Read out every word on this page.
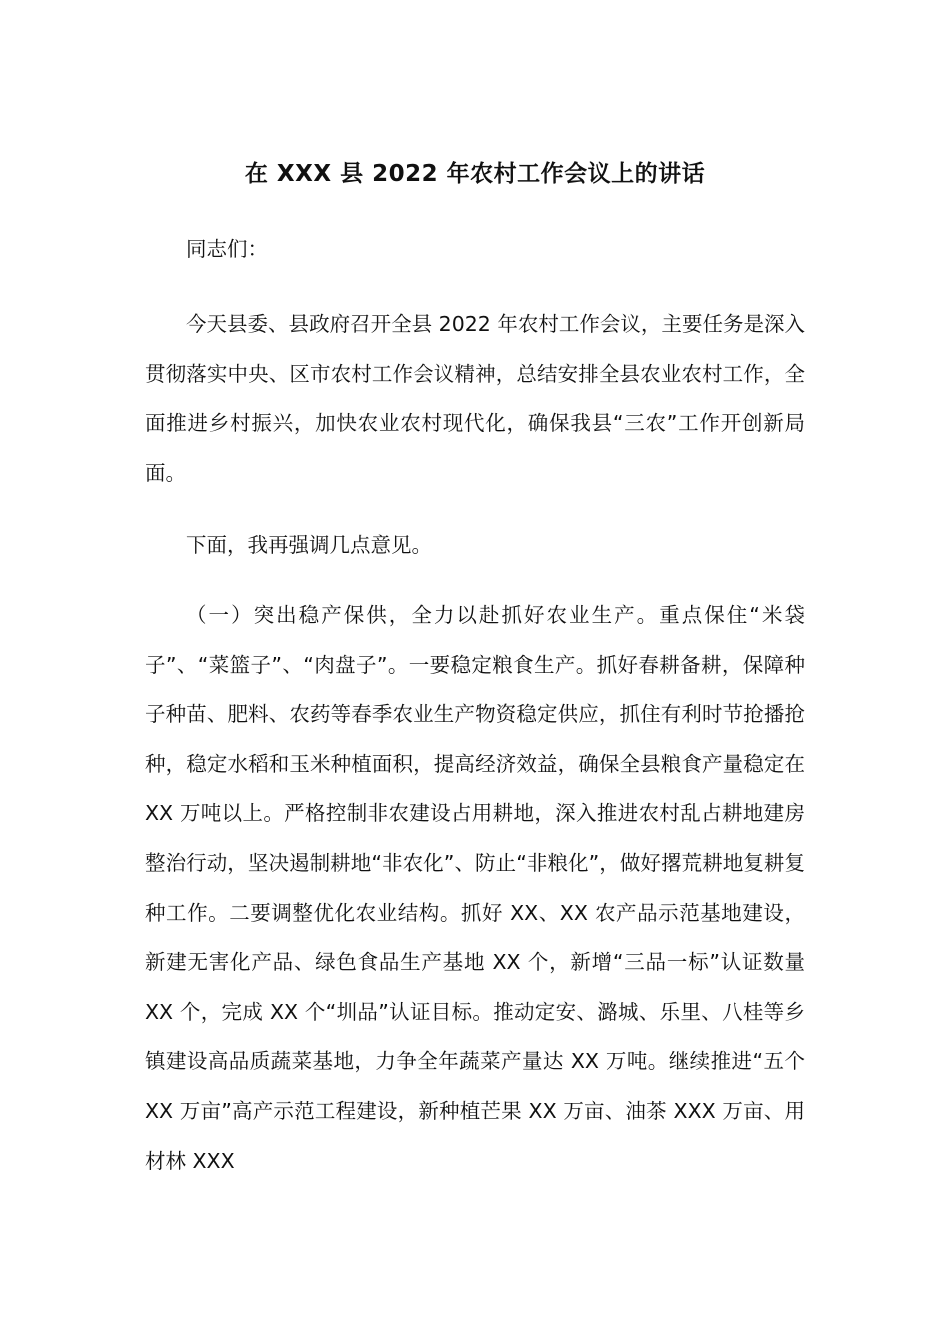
在 XXX 县 2022 年农村工作会议上的讲话

同志们：

今天县委、县政府召开全县 2022 年农村工作会议，主要任务是深入贯彻落实中央、区市农村工作会议精神，总结安排全县农业农村工作，全面推进乡村振兴，加快农业农村现代化，确保我县“三农”工作开创新局面。

下面，我再强调几点意见。

（一）突出稳产保供，全力以赴抓好农业生产。重点保住“米袋子”、“菜篮子”、“肉盘子”。一要稳定粮食生产。抓好春耕备耕，保障种子种苗、肥料、农药等春季农业生产物资稳定供应，抓住有利时节抢播抢种，稳定水稻和玉米种植面积，提高经济效益，确保全县粮食产量稳定在 XX 万吨以上。严格控制非农建设占用耕地，深入推进农村乱占耕地建房整治行动，坚决遏制耕地“非农化”、防止“非粮化”，做好撂荒耕地复耕复种工作。二要调整优化农业结构。抓好 XX、XX 农产品示范基地建设，新建无害化产品、绿色食品生产基地 XX 个，新增“三品一标”认证数量 XX 个，完成 XX 个“圳品”认证目标。推动定安、潞城、乐里、八桂等乡镇建设高品质蔬菜基地，力争全年蔬菜产量达 XX 万吨。继续推进“五个 XX 万亩”高产示范工程建设，新种植芒果 XX 万亩、油茶 XXX 万亩、用材林 XXX
